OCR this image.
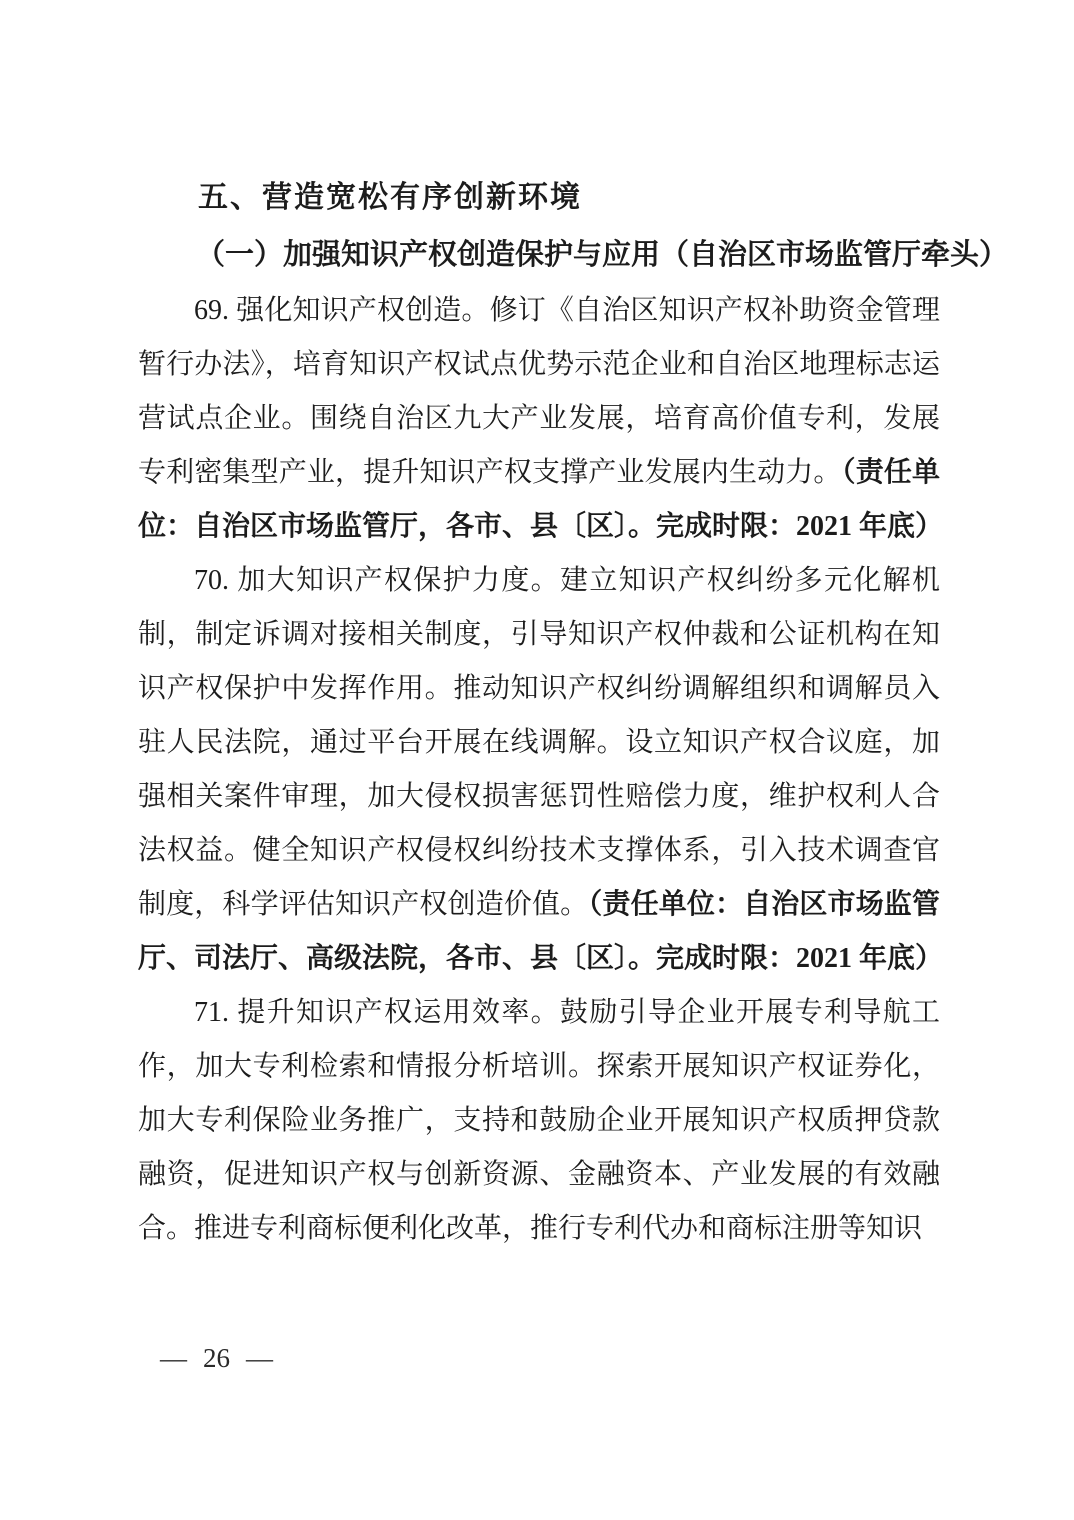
五、营造宽松有序创新环境
（一）加强知识产权创造保护与应用（自治区市场监管厅牵头）

69. 强化知识产权创造。修订《自治区知识产权补助资金管理暂行办法》，培育知识产权试点优势示范企业和自治区地理标志运营试点企业。围绕自治区九大产业发展，培育高价值专利，发展专利密集型产业，提升知识产权支撑产业发展内生动力。（责任单位：自治区市场监管厅，各市、县〔区〕。完成时限：2021 年底）

70. 加大知识产权保护力度。建立知识产权纠纷多元化解机制，制定诉调对接相关制度，引导知识产权仲裁和公证机构在知识产权保护中发挥作用。推动知识产权纠纷调解组织和调解员入驻人民法院，通过平台开展在线调解。设立知识产权合议庭，加强相关案件审理，加大侵权损害惩罚性赔偿力度，维护权利人合法权益。健全知识产权侵权纠纷技术支撑体系，引入技术调查官制度，科学评估知识产权创造价值。（责任单位：自治区市场监管厅、司法厅、高级法院，各市、县〔区〕。完成时限：2021 年底）

71. 提升知识产权运用效率。鼓励引导企业开展专利导航工作，加大专利检索和情报分析培训。探索开展知识产权证券化，加大专利保险业务推广，支持和鼓励企业开展知识产权质押贷款融资，促进知识产权与创新资源、金融资本、产业发展的有效融合。推进专利商标便利化改革，推行专利代办和商标注册等知识

— 26 —
